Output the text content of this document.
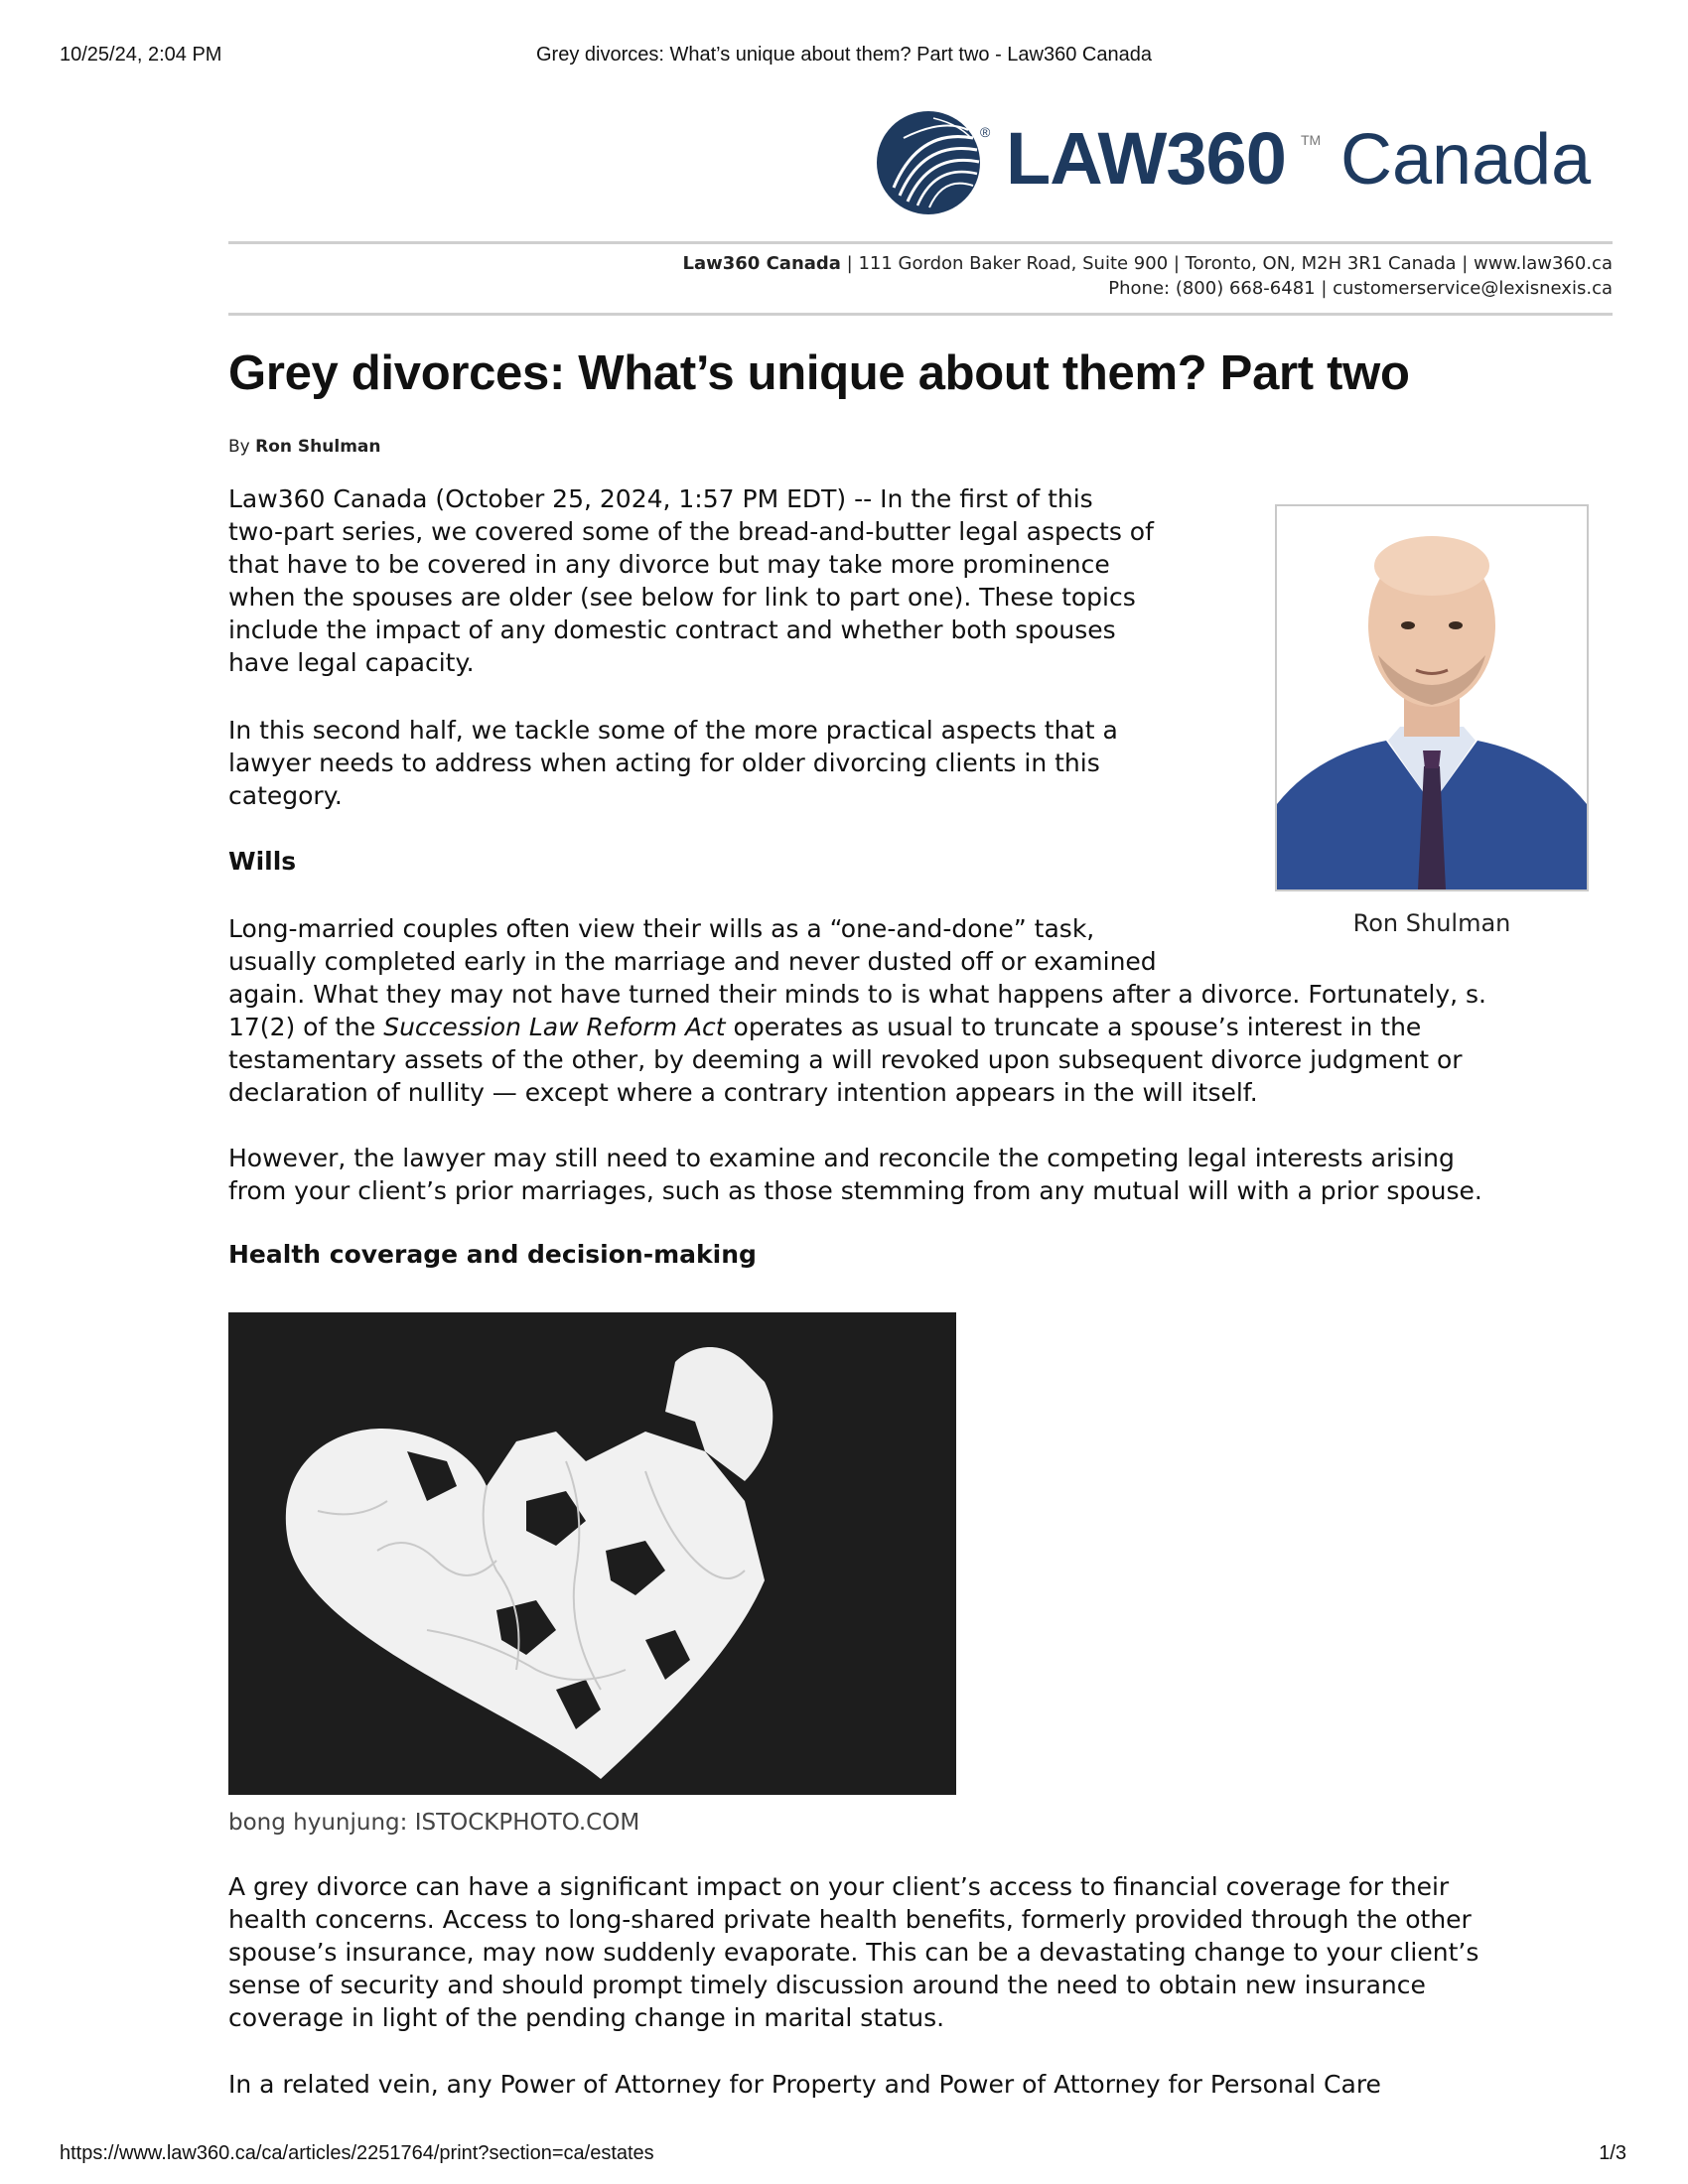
10/25/24, 2:04 PM	Grey divorces: What’s unique about them? Part two - Law360 Canada
® LAW360 TM Canada
Law360 Canada | 111 Gordon Baker Road, Suite 900 | Toronto, ON, M2H 3R1 Canada | www.law360.ca
Phone: (800) 668-6481 | customerservice@lexisnexis.ca
Grey divorces: What’s unique about them? Part two
By Ron Shulman
Ron Shulman

Law360 Canada (October 25, 2024, 1:57 PM EDT) -- In the first of this
two-part series, we covered some of the bread-and-butter legal aspects of
that have to be covered in any divorce but may take more prominence
when the spouses are older (see below for link to part one). These topics
include the impact of any domestic contract and whether both spouses
have legal capacity.

In this second half, we tackle some of the more practical aspects that a
lawyer needs to address when acting for older divorcing clients in this
category.

Wills

Long-married couples often view their wills as a “one-and-done” task,
usually completed early in the marriage and never dusted off or examined
again. What they may not have turned their minds to is what happens after a divorce. Fortunately, s.
17(2) of the Succession Law Reform Act operates as usual to truncate a spouse’s interest in the
testamentary assets of the other, by deeming a will revoked upon subsequent divorce judgment or
declaration of nullity — except where a contrary intention appears in the will itself.

However, the lawyer may still need to examine and reconcile the competing legal interests arising
from your client’s prior marriages, such as those stemming from any mutual will with a prior spouse.

Health coverage and decision-making
bong hyunjung: ISTOCKPHOTO.COM

A grey divorce can have a significant impact on your client’s access to financial coverage for their
health concerns. Access to long-shared private health benefits, formerly provided through the other
spouse’s insurance, may now suddenly evaporate. This can be a devastating change to your client’s
sense of security and should prompt timely discussion around the need to obtain new insurance
coverage in light of the pending change in marital status.

In a related vein, any Power of Attorney for Property and Power of Attorney for Personal Care

https://www.law360.ca/ca/articles/2251764/print?section=ca/estates	1/3
